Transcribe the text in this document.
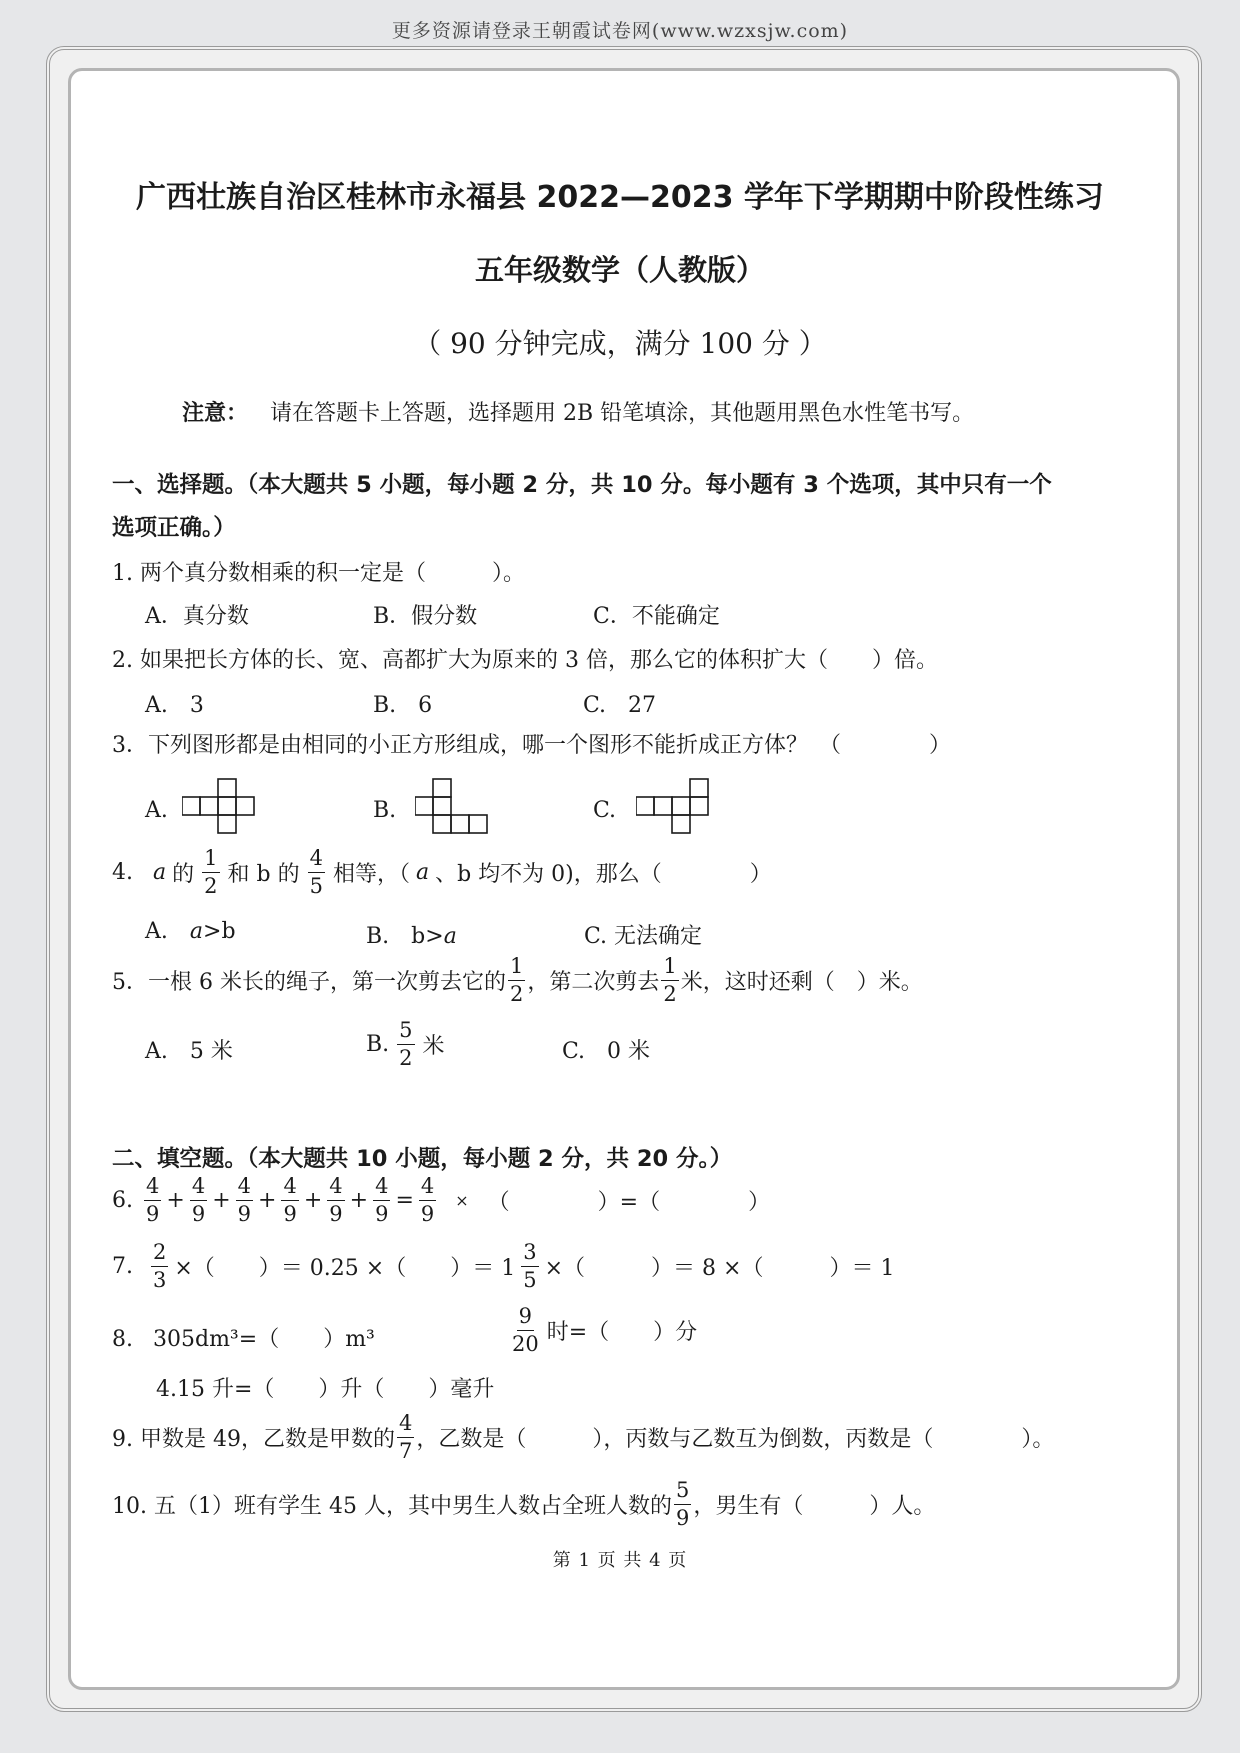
更多资源请登录王朝霞试卷网(www.wzxsjw.com)
广西壮族自治区桂林市永福县 2022—2023 学年下学期期中阶段性练习
五年级数学（人教版）
（ 90 分钟完成，满分 100 分 ）
注意： 请在答题卡上答题，选择题用 2B 铅笔填涂，其他题用黑色水性笔书写。
一、选择题。（本大题共 5 小题，每小题 2 分，共 10 分。每小题有 3 个选项，其中只有一个
选项正确。）
1. 两个真分数相乘的积一定是（　　　）。
A．真分数	B．假分数	C．不能确定
2. 如果把长方体的长、宽、高都扩大为原来的 3 倍，那么它的体积扩大（　　）倍。
A.　3	B.　6	C.　27
3．下列图形都是由相同的小正方形组成，哪一个图形不能折成正方体？　（　　　　）
A.	B.	C.
4. a 的 $\frac{1}{2}$ 和 b 的 $\frac{4}{5}$ 相等，（ a 、b 均不为 0)，那么（　　　　）
A. a>b	B.　b>a	C. 无法确定
5．一根 6 米长的绳子，第一次剪去它的 $\frac{1}{2}$ ，第二次剪去 $\frac{1}{2}$ 米，这时还剩（　）米。
A.　5 米	B. $\frac{5}{2}$ 米	C.　0 米
二、填空题。（本大题共 10 小题，每小题 2 分，共 20 分。）
6. $\frac{4}{9} + \frac{4}{9} + \frac{4}{9} + \frac{4}{9} + \frac{4}{9} + \frac{4}{9} = \frac{4}{9}$ × （　　　　）=（　　　　）
7. $\frac{2}{3}$ ×（　　）＝ 0.25 ×（　　）＝ $1 \frac{3}{5}$ ×（　　　）＝ 8 ×（　　　）＝ 1
8. 305dm³=（　　）m³	$\frac{9}{20}$ 时=（　　）分
4.15 升=（　　）升（　　）毫升
9. 甲数是 49，乙数是甲数的 $\frac{4}{7}$ ，乙数是（　　　），丙数与乙数互为倒数，丙数是（　　　　）。
10. 五（1）班有学生 45 人，其中男生人数占全班人数的 $\frac{5}{9}$ ，男生有（　　　）人。
第 1 页 共 4 页
